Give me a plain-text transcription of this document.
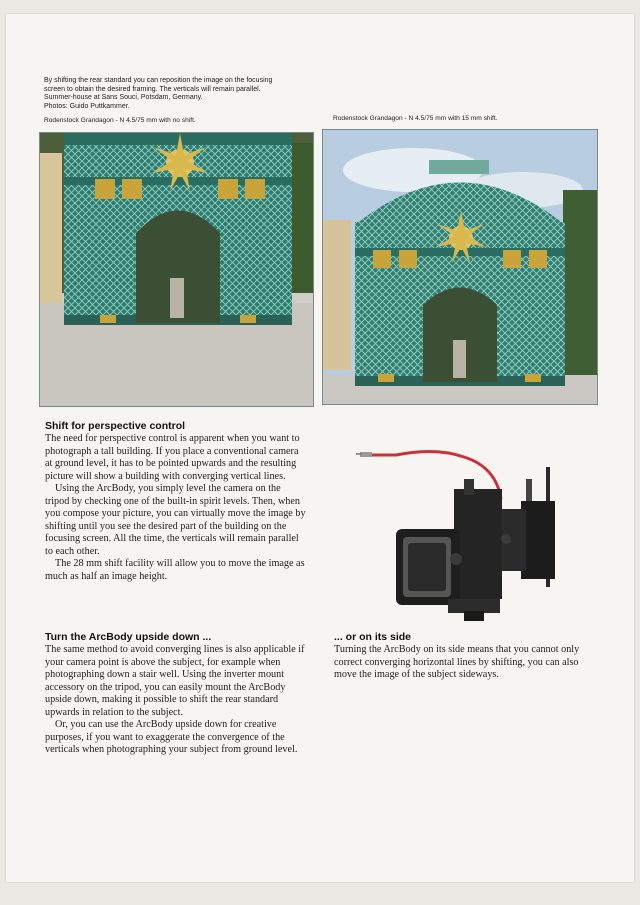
By shifting the rear standard you can reposition the image on the focusing

screen to obtain the desired framing. The verticals will remain parallel.

Summer-house at Sans Souci, Potsdam, Germany.

Photos: Guido Puttkammer.

Rodenstock Grandagon - N 4.5/75 mm with no shift.	Rodenstock Grandagon - N 4.5/75 mm with 15 mm shift.
Shift for perspective control

The need for perspective control is apparent when you want to photograph a tall building. If you place a conventional camera at ground level, it has to be pointed upwards and the resulting picture will show a building with converging vertical lines.

Using the ArcBody, you simply level the camera on the tripod by checking one of the built-in spirit levels. Then, when you compose your picture, you can virtually move the image by shifting until you see the desired part of the building on the focusing screen. All the time, the verticals will remain parallel to each other.

The 28 mm shift facility will allow you to move the image as much as half an image height.

Turn the ArcBody upside down ...

The same method to avoid converging lines is also applicable if your camera point is above the subject, for example when photographing down a stair well. Using the inverter mount accessory on the tripod, you can easily mount the ArcBody upside down, making it possible to shift the rear standard upwards in relation to the subject.

Or, you can use the ArcBody upside down for creative purposes, if you want to exaggerate the convergence of the verticals when photographing your subject from ground level.

... or on its side

Turning the ArcBody on its side means that you cannot only correct converging horizontal lines by shifting, you can also move the image of the subject sideways.
